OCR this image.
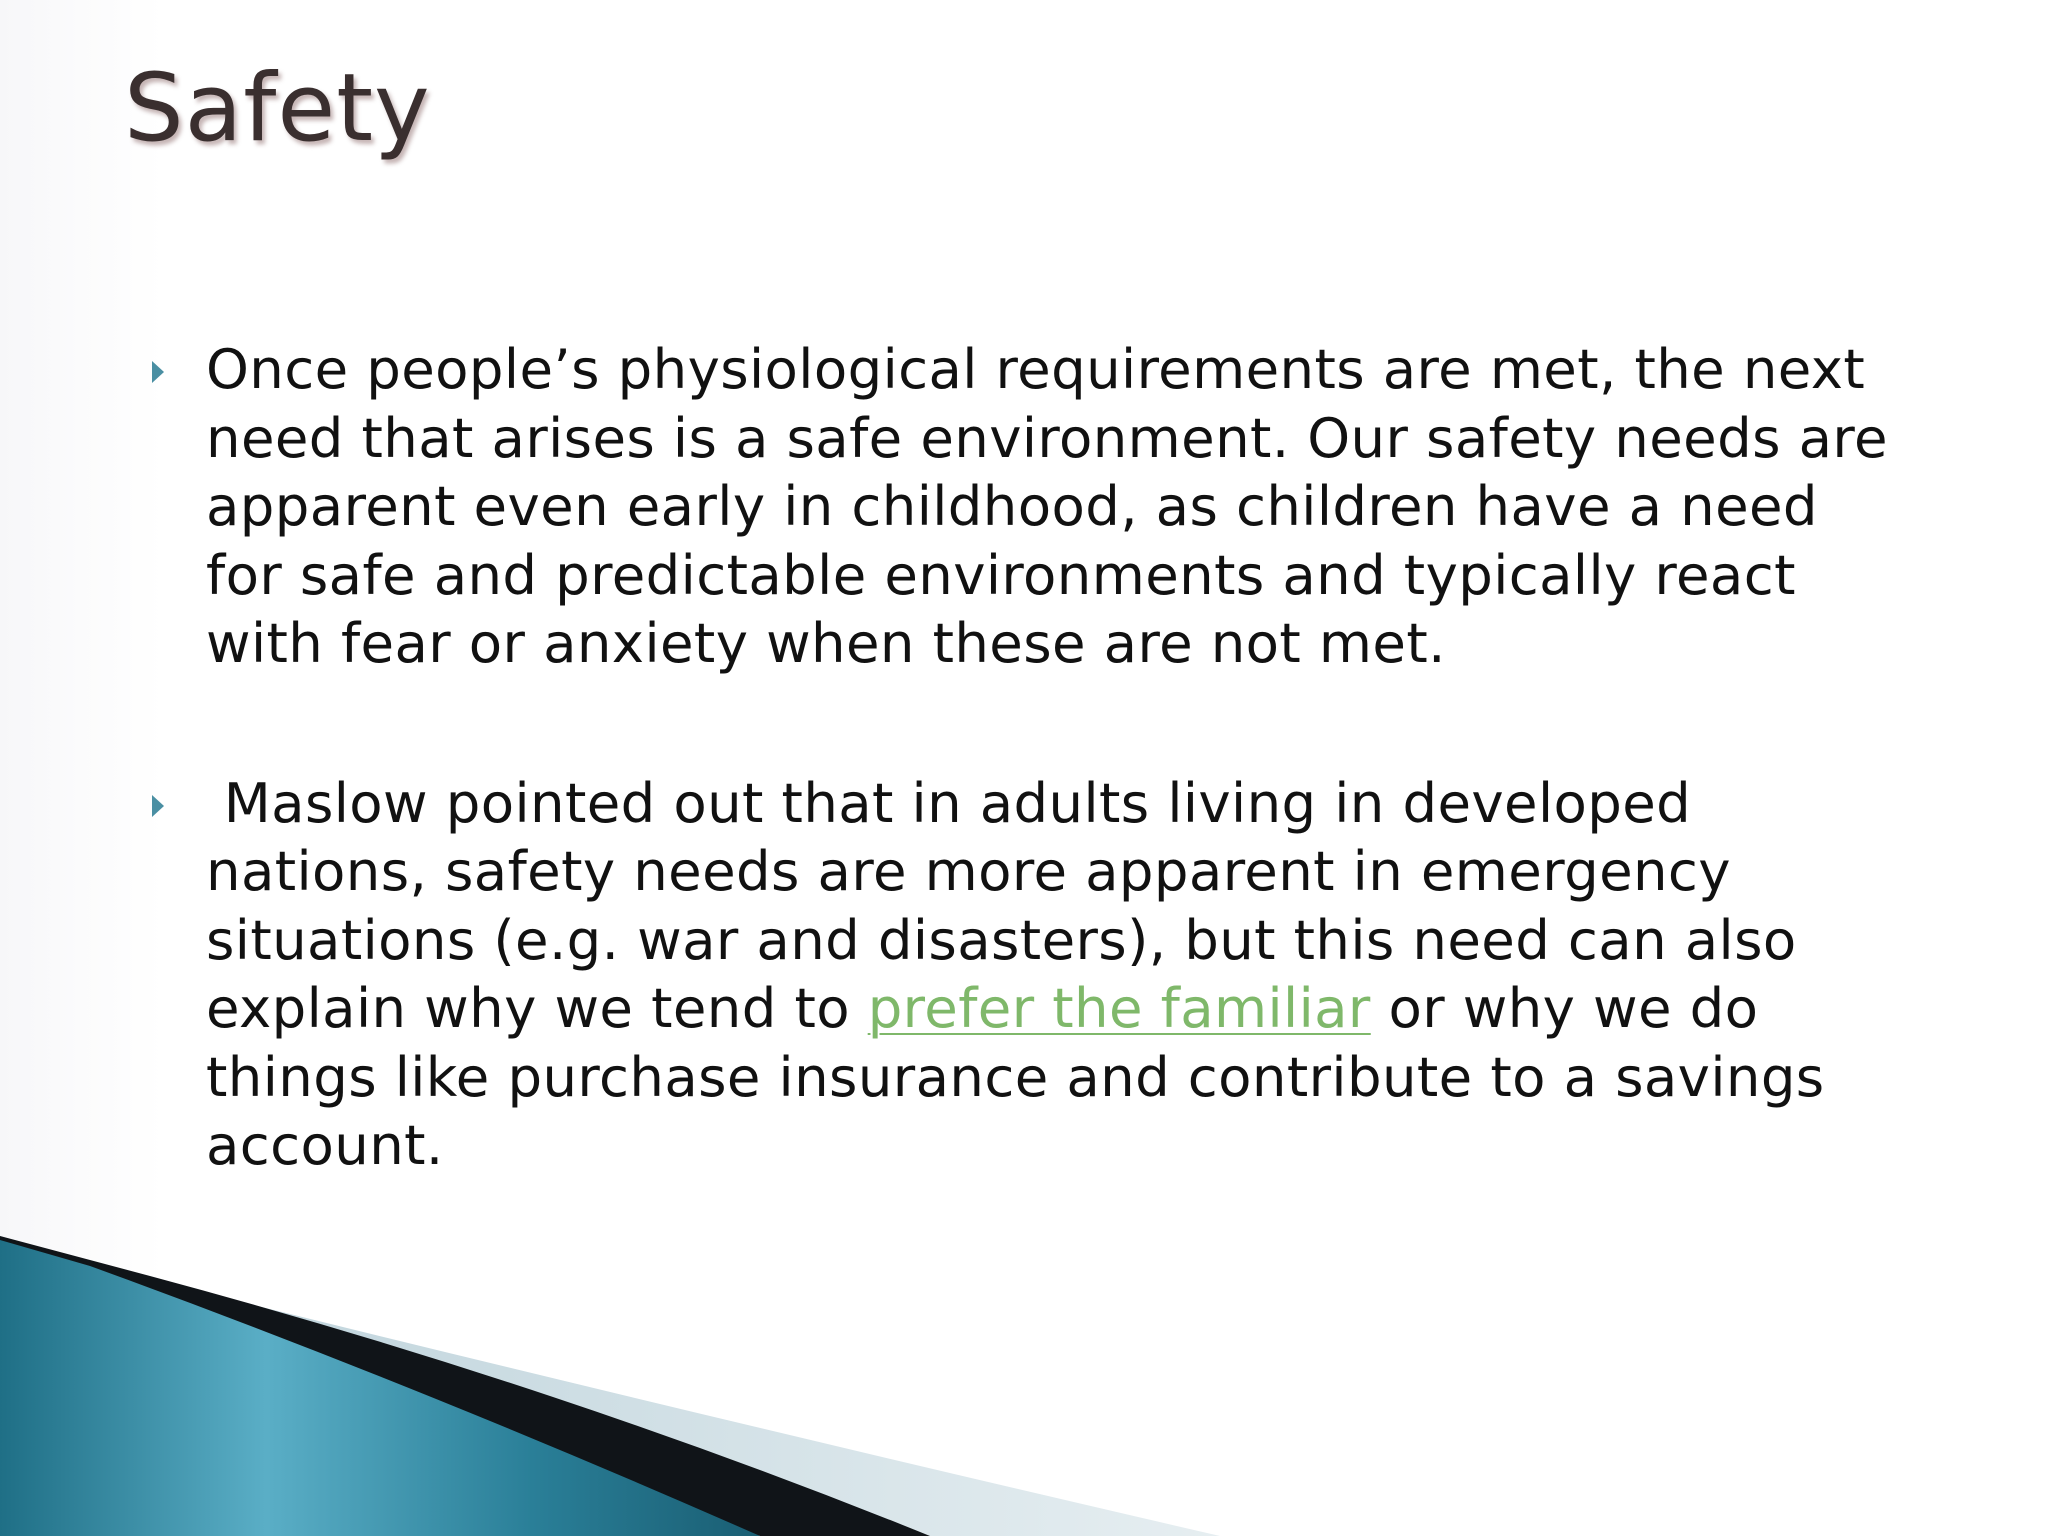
Safety
Once people’s physiological requirements are met, the next need that arises is a safe environment. Our safety needs are apparent even early in childhood, as children have a need for safe and predictable environments and typically react with fear or anxiety when these are not met.
Maslow pointed out that in adults living in developed nations, safety needs are more apparent in emergency situations (e.g. war and disasters), but this need can also explain why we tend to prefer the familiar or why we do things like purchase insurance and contribute to a savings account.
